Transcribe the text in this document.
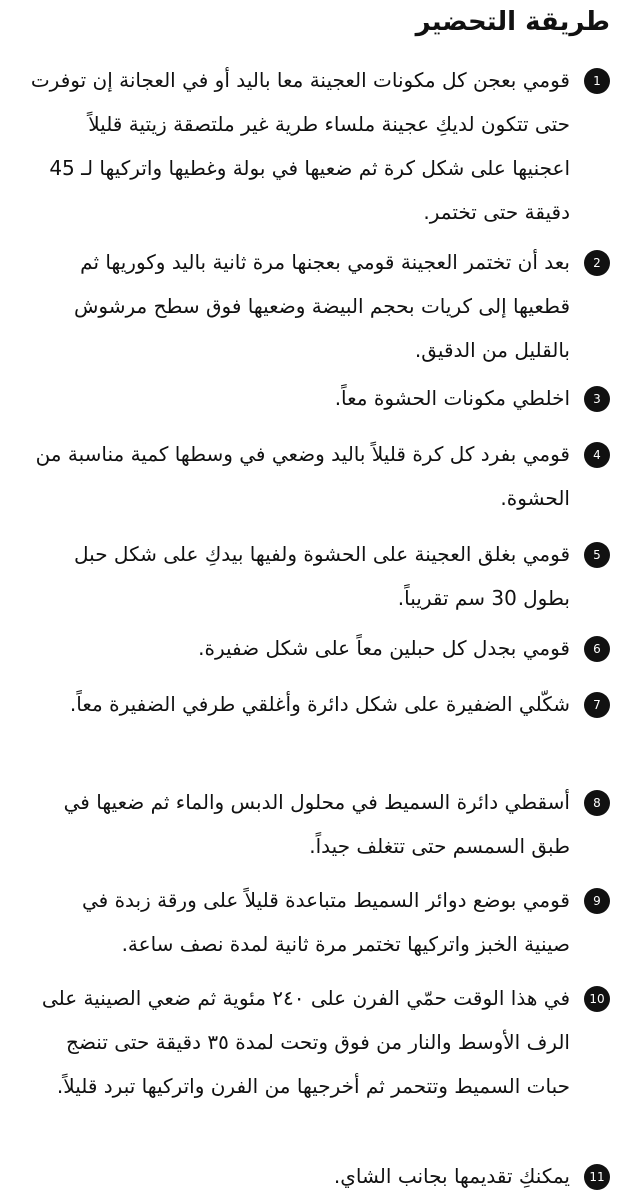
طريقة التحضير
1

قومي بعجن كل مكونات العجينة معا باليد أو في العجانة إن توفرت حتى تتكون لديكِ عجينة ملساء طرية غير ملتصقة زيتية قليلاً اعجنيها على شكل كرة ثم ضعيها في بولة وغطيها واتركيها لـ 45 دقيقة حتى تختمر.

2

بعد أن تختمر العجينة قومي بعجنها مرة ثانية باليد وكوريها ثم قطعيها إلى كريات بحجم البيضة وضعيها فوق سطح مرشوش بالقليل من الدقيق.

3

اخلطي مكونات الحشوة معاً.

4

قومي بفرد كل كرة قليلاً باليد وضعي في وسطها كمية مناسبة من الحشوة.

5

قومي بغلق العجينة على الحشوة ولفيها بيدكِ على شكل حبل بطول 30 سم تقريباً.

6

قومي بجدل كل حبلين معاً على شكل ضفيرة.

7

شكّلي الضفيرة على شكل دائرة وأغلقي طرفي الضفيرة معاً.

8

أسقطي دائرة السميط في محلول الدبس والماء ثم ضعيها في طبق السمسم حتى تتغلف جيداً.

9

قومي بوضع دوائر السميط متباعدة قليلاً على ورقة زبدة في صينية الخبز واتركيها تختمر مرة ثانية لمدة نصف ساعة.

10

في هذا الوقت حمّي الفرن على ٢٤٠ مئوية ثم ضعي الصينية على الرف الأوسط والنار من فوق وتحت لمدة ٣٥ دقيقة حتى تنضج حبات السميط وتتحمر ثم أخرجيها من الفرن واتركيها تبرد قليلاً.

11

يمكنكِ تقديمها بجانب الشاي.
